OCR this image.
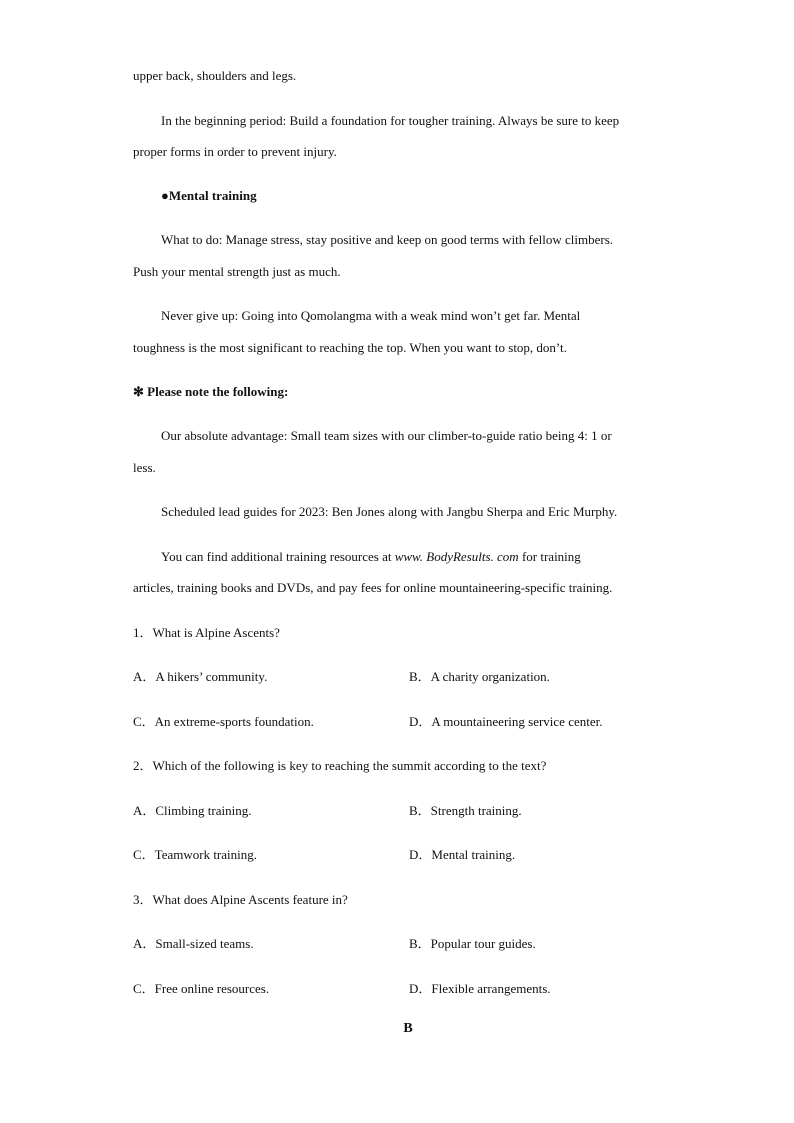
upper back, shoulders and legs.
In the beginning period: Build a foundation for tougher training. Always be sure to keep
proper forms in order to prevent injury.
●Mental training
What to do: Manage stress, stay positive and keep on good terms with fellow climbers.
Push your mental strength just as much.
Never give up: Going into Qomolangma with a weak mind won’t get far. Mental
toughness is the most significant to reaching the top. When you want to stop, don’t.
✻ Please note the following:
Our absolute advantage: Small team sizes with our climber-to-guide ratio being 4: 1 or
less.
Scheduled lead guides for 2023: Ben Jones along with Jangbu Sherpa and Eric Murphy.
You can find additional training resources at www. BodyResults. com for training
articles, training books and DVDs, and pay fees for online mountaineering-specific training.
1．What is Alpine Ascents?
A．A hikers’ community.	B．A charity organization.
C．An extreme-sports foundation.	D．A mountaineering service center.
2．Which of the following is key to reaching the summit according to the text?
A．Climbing training.	B．Strength training.
C．Teamwork training.	D．Mental training.
3．What does Alpine Ascents feature in?
A．Small-sized teams.	B．Popular tour guides.
C．Free online resources.	D．Flexible arrangements.
B
